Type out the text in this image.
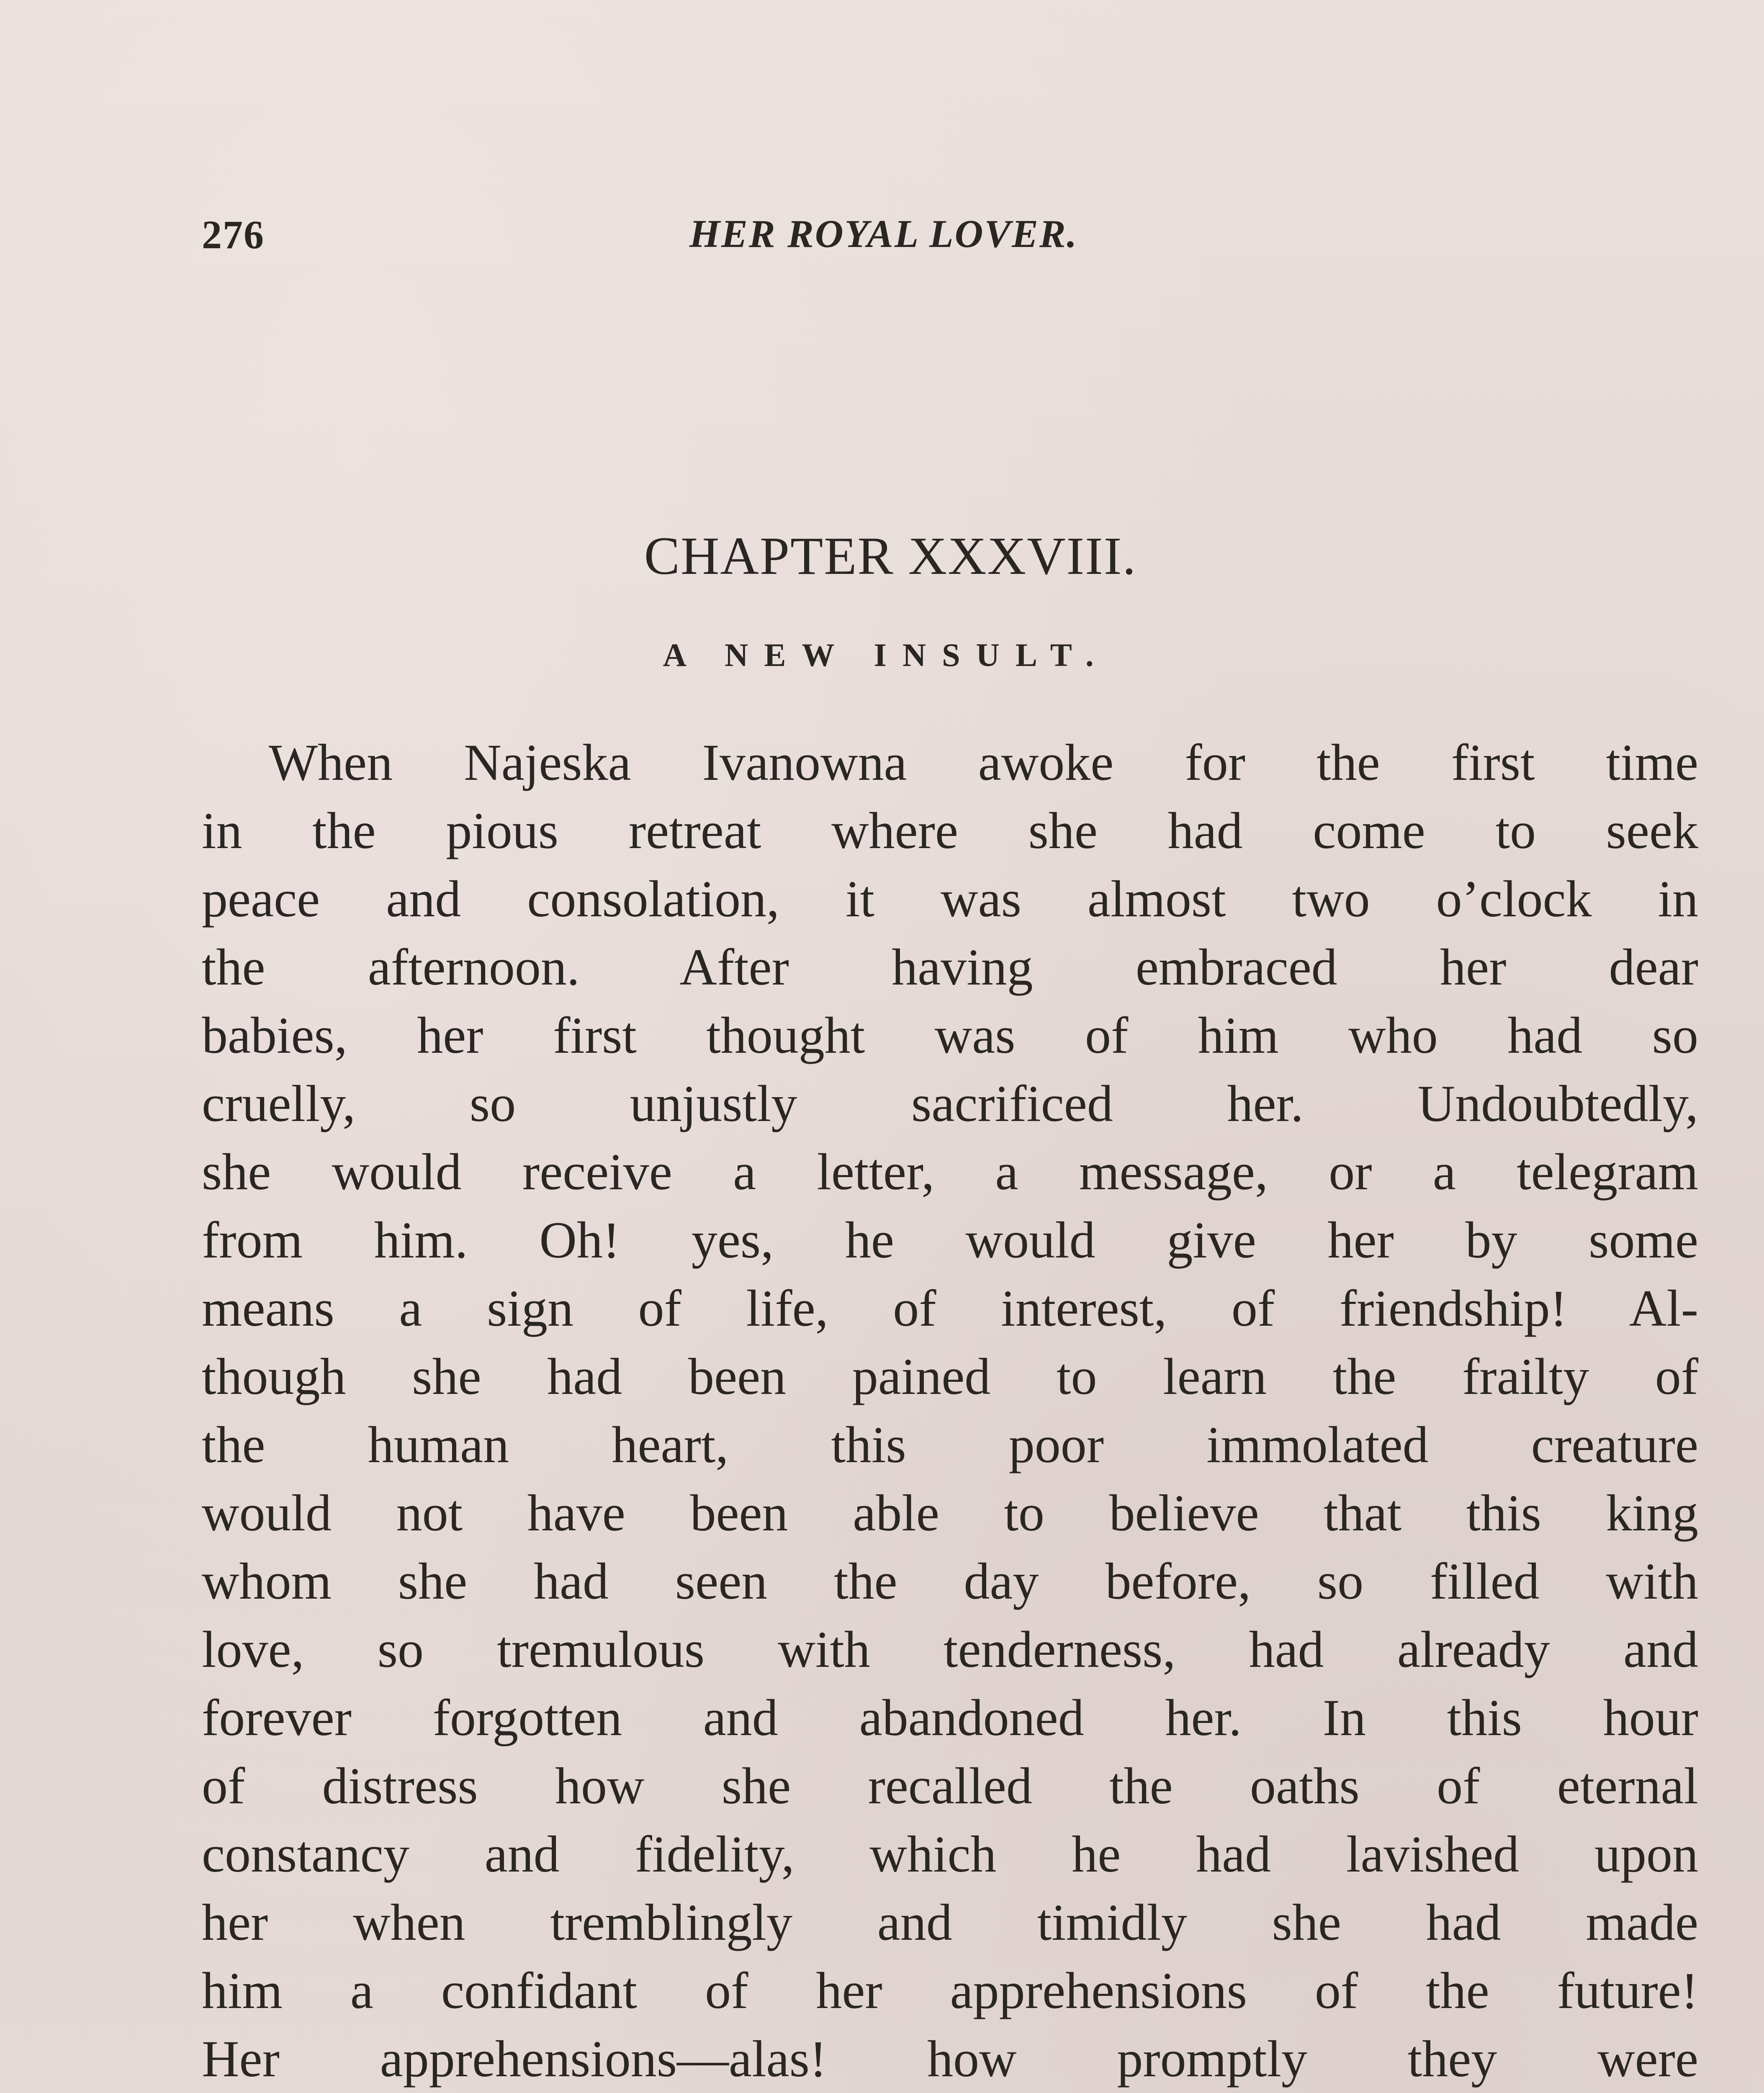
276	HER ROYAL LOVER.
CHAPTER XXXVIII.
A NEW INSULT.
When Najeska Ivanowna awoke for the first time
in the pious retreat where she had come to seek
peace and consolation, it was almost two o’clock in
the afternoon. After having embraced her dear
babies, her first thought was of him who had so
cruelly, so unjustly sacrificed her. Undoubtedly,
she would receive a letter, a message, or a telegram
from him. Oh! yes, he would give her by some
means a sign of life, of interest, of friendship! Al-
though she had been pained to learn the frailty of
the human heart, this poor immolated creature
would not have been able to believe that this king
whom she had seen the day before, so filled with
love, so tremulous with tenderness, had already and
forever forgotten and abandoned her. In this hour
of distress how she recalled the oaths of eternal
constancy and fidelity, which he had lavished upon
her when tremblingly and timidly she had made
him a confidant of her apprehensions of the future!
Her apprehensions—alas! how promptly they were
